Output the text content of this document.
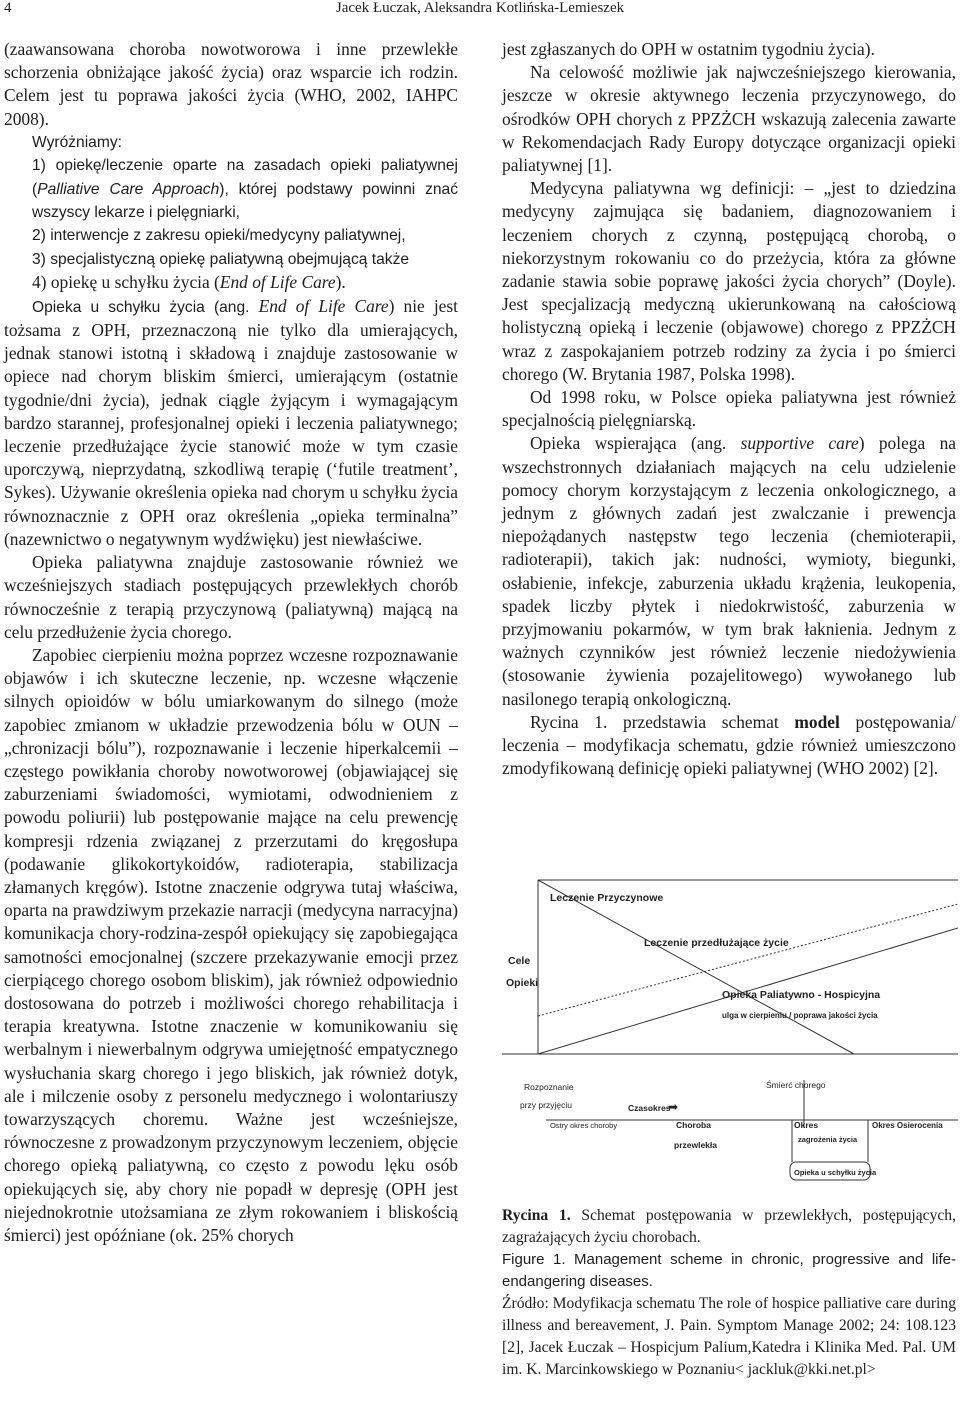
4	Jacek Łuczak, Aleksandra Kotlińska-Lemieszek

(zaawansowana choroba nowotworowa i inne przewlekłe schorzenia obniżające jakość życia) oraz wsparcie ich rodzin. Celem jest tu poprawa jakości życia (WHO, 2002, IAHPC 2008).

Wyróżniamy:

1) opiekę/leczenie oparte na zasadach opieki paliatywnej (Palliative Care Approach), której podstawy powinni znać wszyscy lekarze i pielęgniarki,

2) interwencje z zakresu opieki/medycyny paliatywnej,

3) specjalistyczną opiekę paliatywną obejmującą także

4) opiekę u schyłku życia (End of Life Care).

Opieka u schyłku życia (ang. End of Life Care) nie jest tożsama z OPH, przeznaczoną nie tylko dla umierających, jednak stanowi istotną i składową i znajduje zastosowanie w opiece nad chorym bliskim śmierci, umierającym (ostatnie tygodnie/dni życia), jednak ciągle żyjącym i wymagającym bardzo starannej, profesjonalnej opieki i leczenia paliatywnego; leczenie przedłużające życie stanowić może w tym czasie uporczywą, nieprzydatną, szkodliwą terapię (‘futile treatment’, Sykes). Używanie określenia opieka nad chorym u schyłku życia równoznacznie z OPH oraz określenia „opieka terminalna” (nazewnictwo o negatywnym wydźwięku) jest niewłaściwe.

Opieka paliatywna znajduje zastosowanie również we wcześniejszych stadiach postępujących przewlekłych chorób równocześnie z terapią przyczynową (paliatywną) mającą na celu przedłużenie życia chorego.

Zapobiec cierpieniu można poprzez wczesne rozpoznawanie objawów i ich skuteczne leczenie, np. wczesne włączenie silnych opioidów w bólu umiarkowanym do silnego (może zapobiec zmianom w układzie przewodzenia bólu w OUN – „chronizacji bólu”), rozpoznawanie i leczenie hiperkalcemii – częstego powikłania choroby nowotworowej (objawiającej się zaburzeniami świadomości, wymiotami, odwodnieniem z powodu poliurii) lub postępowanie mające na celu prewencję kompresji rdzenia związanej z przerzutami do kręgosłupa (podawanie glikokortykoidów, radioterapia, stabilizacja złamanych kręgów). Istotne znaczenie odgrywa tutaj właściwa, oparta na prawdziwym przekazie narracji (medycyna narracyjna) komunikacja chory-rodzina-zespół opiekujący się zapobiegająca samotności emocjonalnej (szczere przekazywanie emocji przez cierpiącego chorego osobom bliskim), jak również odpowiednio dostosowana do potrzeb i możliwości chorego rehabilitacja i terapia kreatywna. Istotne znaczenie w komunikowaniu się werbalnym i niewerbalnym odgrywa umiejętność empatycznego wysłuchania skarg chorego i jego bliskich, jak również dotyk, ale i milczenie osoby z personelu medycznego i wolontariuszy towarzyszących choremu. Ważne jest wcześniejsze, równoczesne z prowadzonym przyczynowym leczeniem, objęcie chorego opieką paliatywną, co często z powodu lęku osób opiekujących się, aby chory nie popadł w depresję (OPH jest niejednokrotnie utożsamiana ze złym rokowaniem i bliskością śmierci) jest opóźniane (ok. 25% chorych

jest zgłaszanych do OPH w ostatnim tygodniu życia).

Na celowość możliwie jak najwcześniejszego kierowania, jeszcze w okresie aktywnego leczenia przyczynowego, do ośrodków OPH chorych z PPZŻCH wskazują zalecenia zawarte w Rekomendacjach Rady Europy dotyczące organizacji opieki paliatywnej [1].

Medycyna paliatywna wg definicji: – „jest to dziedzina medycyny zajmująca się badaniem, diagnozowaniem i leczeniem chorych z czynną, postępującą chorobą, o niekorzystnym rokowaniu co do przeżycia, która za główne zadanie stawia sobie poprawę jakości życia chorych” (Doyle). Jest specjalizacją medyczną ukierunkowaną na całościową holistyczną opieką i leczenie (objawowe) chorego z PPZŻCH wraz z zaspokajaniem potrzeb rodziny za życia i po śmierci chorego (W. Brytania 1987, Polska 1998).

Od 1998 roku, w Polsce opieka paliatywna jest również specjalnością pielęgniarską.

Opieka wspierająca (ang. supportive care) polega na wszechstronnych działaniach mających na celu udzielenie pomocy chorym korzystającym z leczenia onkologicznego, a jednym z głównych zadań jest zwalczanie i prewencja niepożądanych następstw tego leczenia (chemioterapii, radioterapii), takich jak: nudności, wymioty, biegunki, osłabienie, infekcje, zaburzenia układu krążenia, leukopenia, spadek liczby płytek i niedokrwistość, zaburzenia w przyjmowaniu pokarmów, w tym brak łaknienia. Jednym z ważnych czynników jest również leczenie niedożywienia (stosowanie żywienia pozajelitowego) wywołanego lub nasilonego terapią onkologiczną.

Rycina 1. przedstawia schemat model postępowania/ leczenia – modyfikacja schematu, gdzie również umieszczono zmodyfikowaną definicję opieki paliatywnej (WHO 2002) [2].

Leczenie Przyczynowe
Leczenie przedłużające życie
Cele
Opieki
Opieka Paliatywno - Hospicyjna
ulga w cierpieniu / poprawa jakości życia
Rozpoznanie
przy przyjęciu
Śmierć chorego
Czasokres
➡
Ostry okres choroby	Choroba
przewlekła
Okres
zagrożenia życia
Okres Osierocenia
Opieka u schyłku życia

Rycina 1. Schemat postępowania w przewlekłych, postępujących, zagrażających życiu chorobach.

Figure 1. Management scheme in chronic, progressive and life-endangering diseases.

Źródło: Modyfikacja schematu The role of hospice palliative care during illness and bereavement, J. Pain. Symptom Manage 2002; 24: 108.123 [2], Jacek Łuczak – Hospicjum Palium,Katedra i Klinika Med. Pal. UM im. K. Marcinkowskiego w Poznaniu< jackluk@kki.net.pl>
